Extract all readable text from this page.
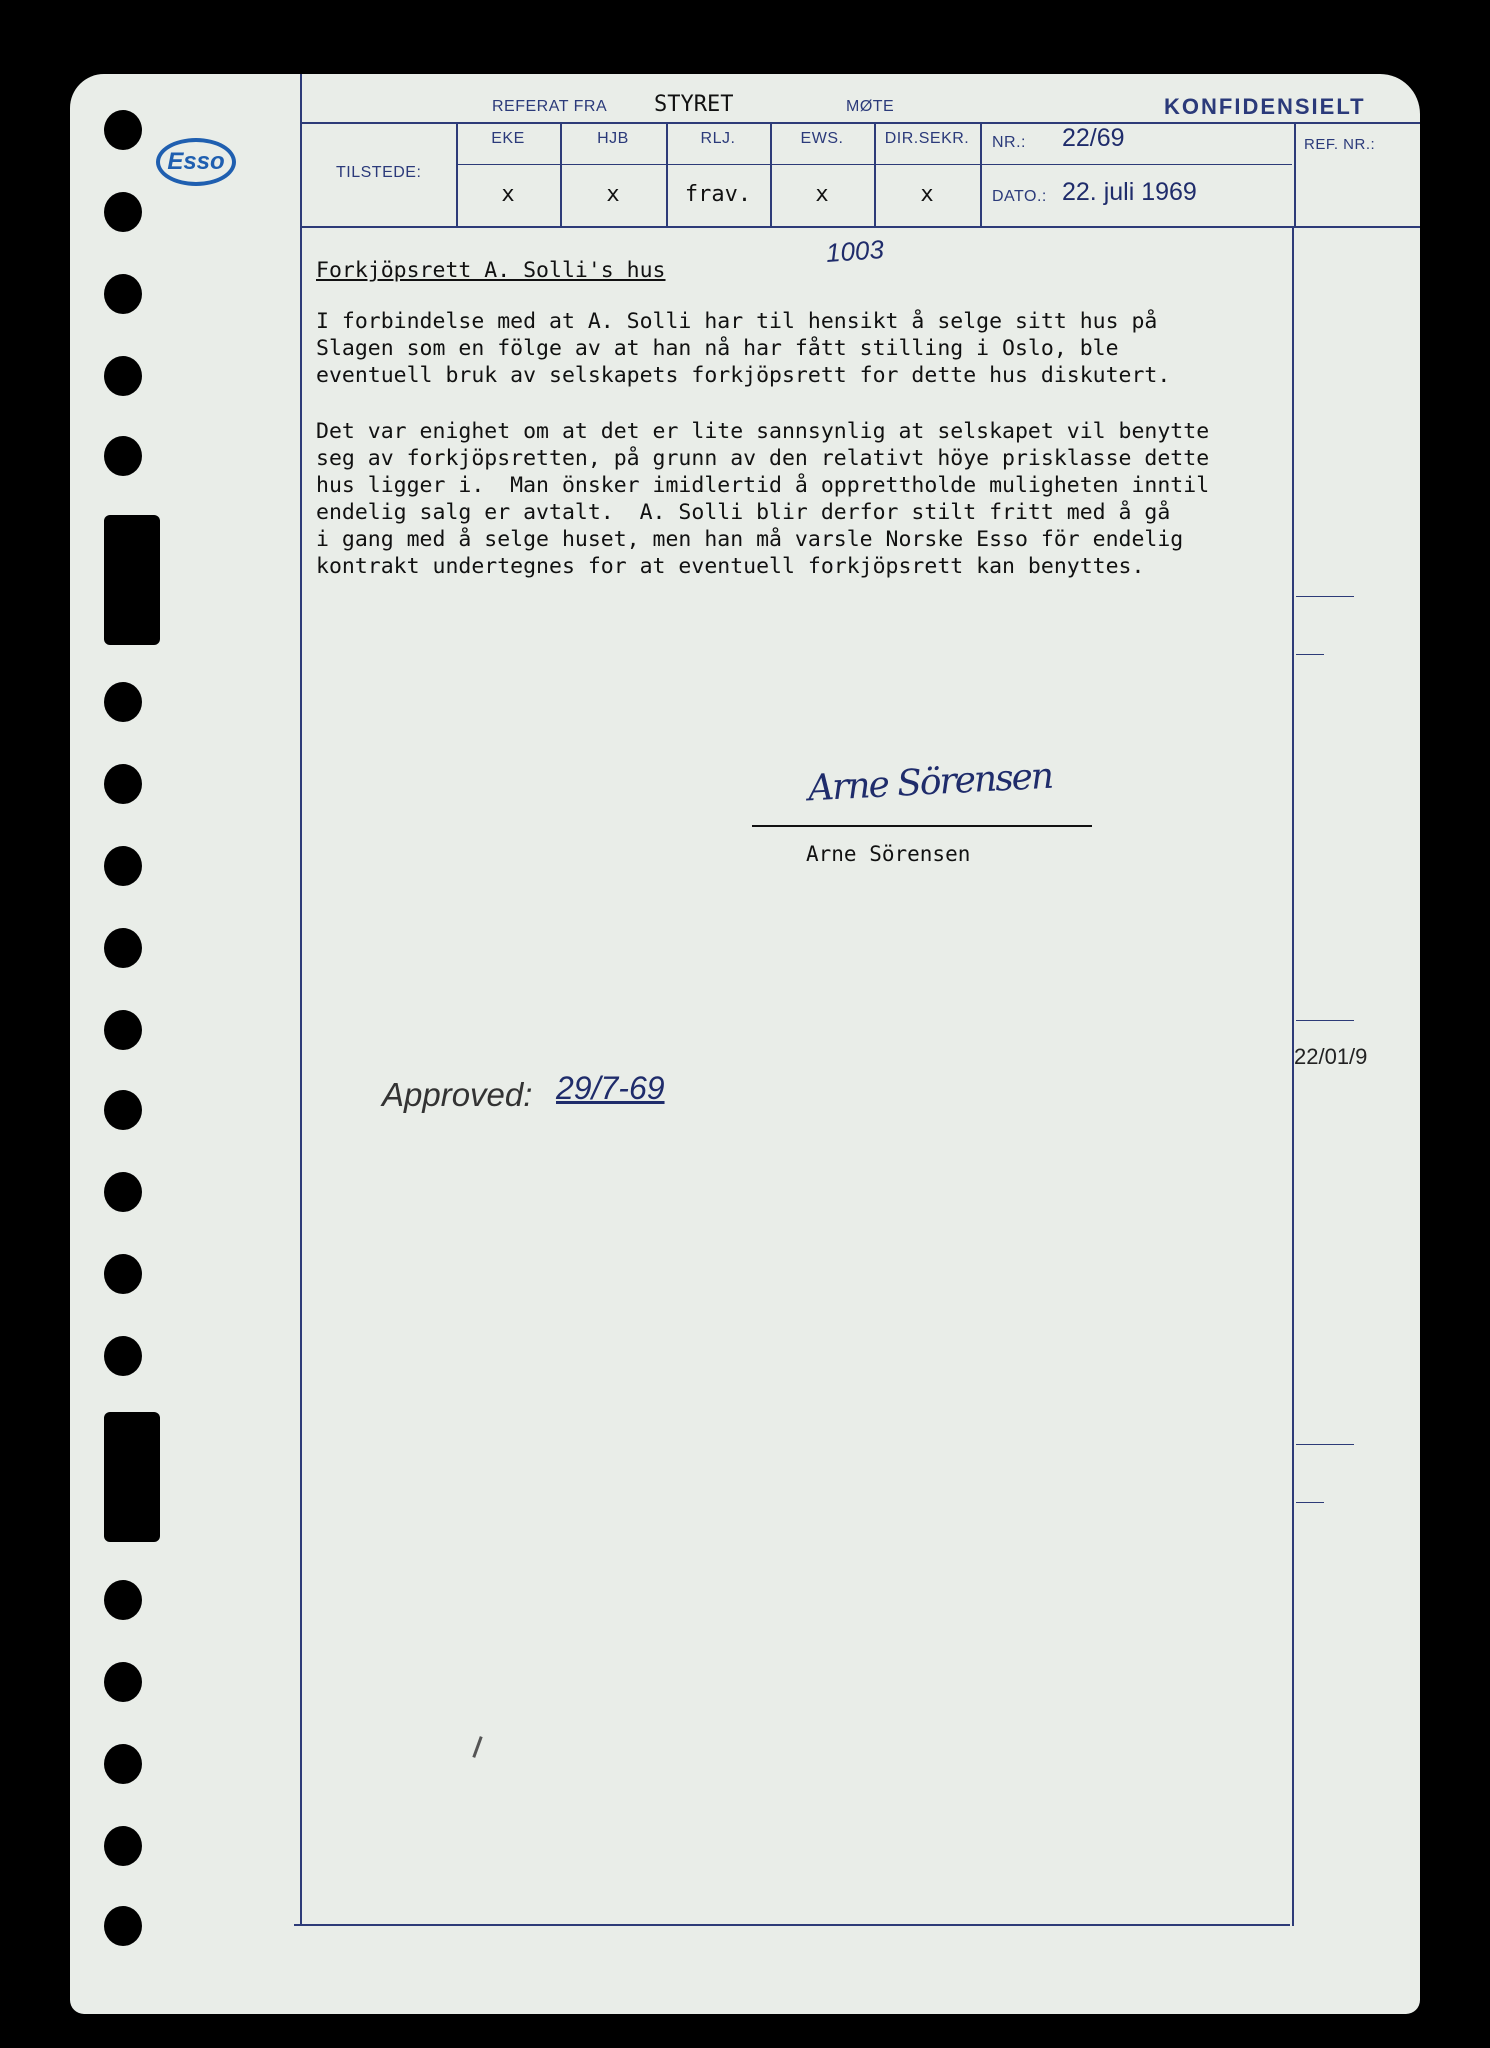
Esso
REFERAT FRA STYRET	MØTE	KONFIDENSIELT
TILSTEDE:
EKE
x
HJB
x
RLJ.
frav.
EWS.
x
DIR.SEKR.
x
NR.: 22/69
DATO.: 22. juli 1969
REF. NR.:
1003
Forkjöpsrett A. Solli's hus
I forbindelse med at A. Solli har til hensikt å selge sitt hus på
Slagen som en fölge av at han nå har fått stilling i Oslo, ble
eventuell bruk av selskapets forkjöpsrett for dette hus diskutert.
Det var enighet om at det er lite sannsynlig at selskapet vil benytte
seg av forkjöpsretten, på grunn av den relativt höye prisklasse dette
hus ligger i.  Man önsker imidlertid å opprettholde muligheten inntil
endelig salg er avtalt.  A. Solli blir derfor stilt fritt med å gå
i gang med å selge huset, men han må varsle Norske Esso för endelig
kontrakt undertegnes for at eventuell forkjöpsrett kan benyttes.
Arne Sörensen
Arne Sörensen
Approved: 29/7-69
22/01/9
